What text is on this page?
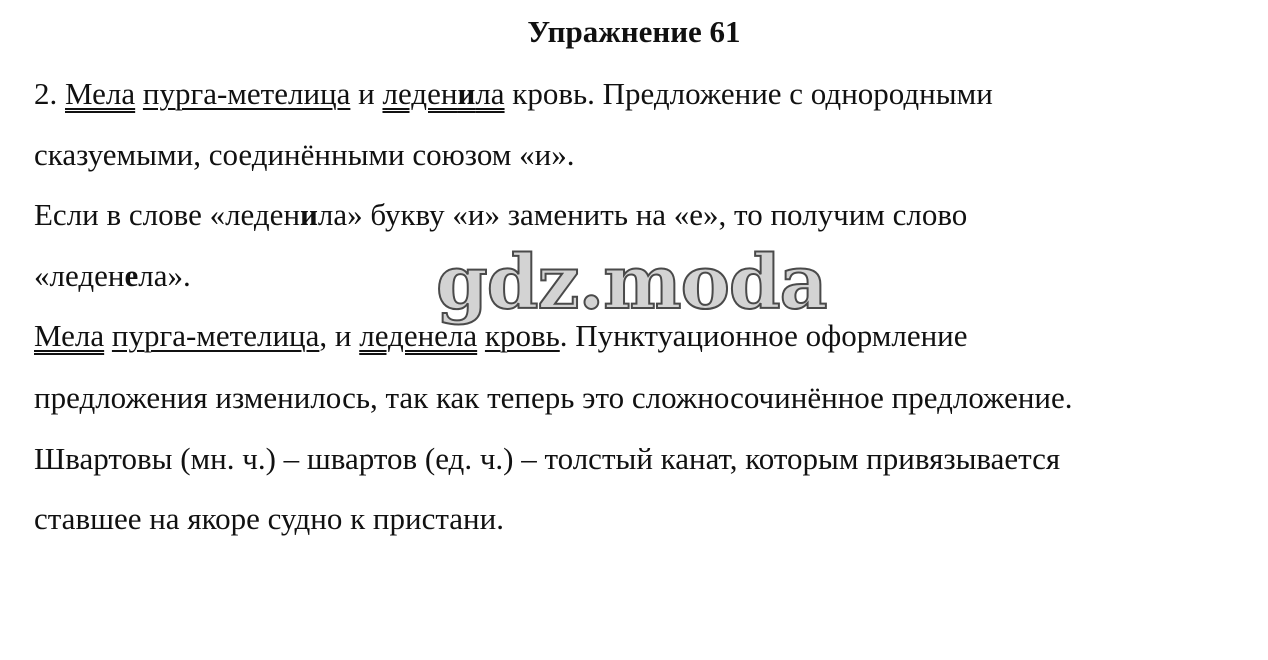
Упражнение 61
2. Мела пурга-метелица и леденила кровь. Предложение с однородными
сказуемыми, соединёнными союзом «и».
Если в слове «леденила» букву «и» заменить на «е», то получим слово
«леденела».
Мела пурга-метелица, и леденела кровь. Пунктуационное оформление
предложения изменилось, так как теперь это сложносочинённое предложение.
Швартовы (мн. ч.) – швартов (ед. ч.) – толстый канат, которым привязывается
ставшее на якоре судно к пристани.
gdz.moda
